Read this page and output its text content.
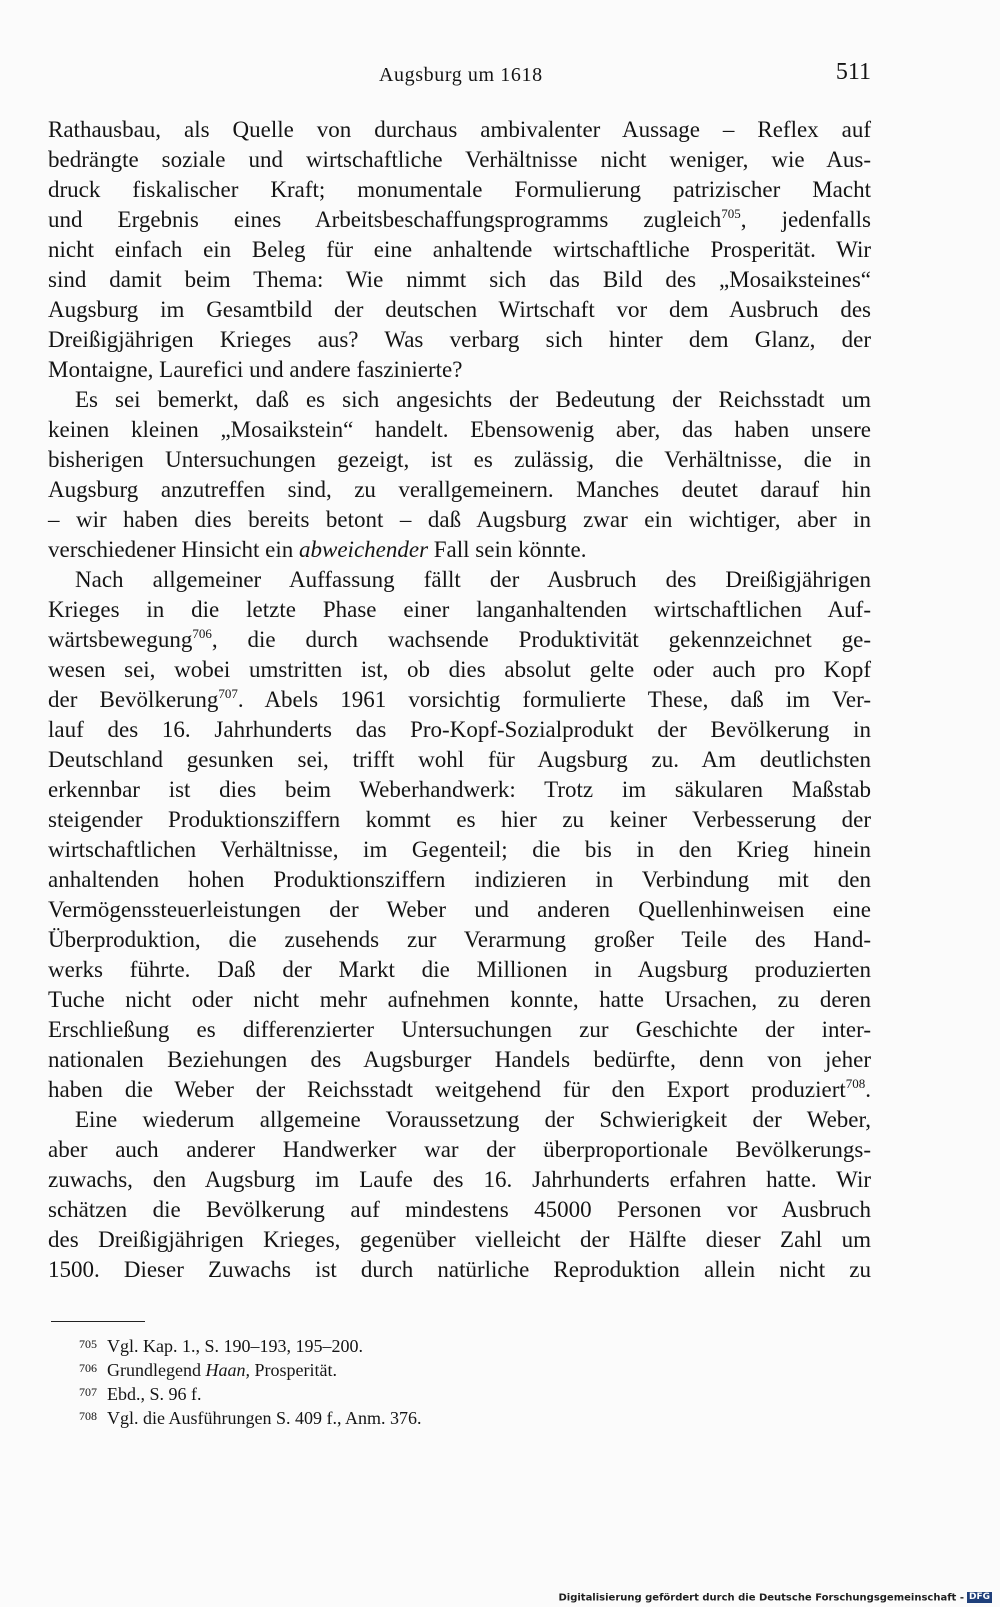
Augsburg um 1618	511
Rathausbau, als Quelle von durchaus ambivalenter Aussage – Reflex auf
bedrängte soziale und wirtschaftliche Verhältnisse nicht weniger, wie Aus-
druck fiskalischer Kraft; monumentale Formulierung patrizischer Macht
und Ergebnis eines Arbeitsbeschaffungsprogramms zugleich$^{705}$, jedenfalls
nicht einfach ein Beleg für eine anhaltende wirtschaftliche Prosperität. Wir
sind damit beim Thema: Wie nimmt sich das Bild des „Mosaiksteines“
Augsburg im Gesamtbild der deutschen Wirtschaft vor dem Ausbruch des
Dreißigjährigen Krieges aus? Was verbarg sich hinter dem Glanz, der
Montaigne, Laurefici und andere faszinierte?
Es sei bemerkt, daß es sich angesichts der Bedeutung der Reichsstadt um
keinen kleinen „Mosaikstein“ handelt. Ebensowenig aber, das haben unsere
bisherigen Untersuchungen gezeigt, ist es zulässig, die Verhältnisse, die in
Augsburg anzutreffen sind, zu verallgemeinern. Manches deutet darauf hin
– wir haben dies bereits betont – daß Augsburg zwar ein wichtiger, aber in
verschiedener Hinsicht ein abweichender Fall sein könnte.
Nach allgemeiner Auffassung fällt der Ausbruch des Dreißigjährigen
Krieges in die letzte Phase einer langanhaltenden wirtschaftlichen Auf-
wärtsbewegung$^{706}$, die durch wachsende Produktivität gekennzeichnet ge-
wesen sei, wobei umstritten ist, ob dies absolut gelte oder auch pro Kopf
der Bevölkerung$^{707}$. Abels 1961 vorsichtig formulierte These, daß im Ver-
lauf des 16. Jahrhunderts das Pro-Kopf-Sozialprodukt der Bevölkerung in
Deutschland gesunken sei, trifft wohl für Augsburg zu. Am deutlichsten
erkennbar ist dies beim Weberhandwerk: Trotz im säkularen Maßstab
steigender Produktionsziffern kommt es hier zu keiner Verbesserung der
wirtschaftlichen Verhältnisse, im Gegenteil; die bis in den Krieg hinein
anhaltenden hohen Produktionsziffern indizieren in Verbindung mit den
Vermögenssteuerleistungen der Weber und anderen Quellenhinweisen eine
Überproduktion, die zusehends zur Verarmung großer Teile des Hand-
werks führte. Daß der Markt die Millionen in Augsburg produzierten
Tuche nicht oder nicht mehr aufnehmen konnte, hatte Ursachen, zu deren
Erschließung es differenzierter Untersuchungen zur Geschichte der inter-
nationalen Beziehungen des Augsburger Handels bedürfte, denn von jeher
haben die Weber der Reichsstadt weitgehend für den Export produziert$^{708}$.
Eine wiederum allgemeine Voraussetzung der Schwierigkeit der Weber,
aber auch anderer Handwerker war der überproportionale Bevölkerungs-
zuwachs, den Augsburg im Laufe des 16. Jahrhunderts erfahren hatte. Wir
schätzen die Bevölkerung auf mindestens 45000 Personen vor Ausbruch
des Dreißigjährigen Krieges, gegenüber vielleicht der Hälfte dieser Zahl um
1500. Dieser Zuwachs ist durch natürliche Reproduktion allein nicht zu
705 Vgl. Kap. 1., S. 190–193, 195–200.
706 Grundlegend Haan, Prosperität.
707 Ebd., S. 96 f.
708 Vgl. die Ausführungen S. 409 f., Anm. 376.
Digitalisierung gefördert durch die Deutsche Forschungsgemeinschaft - DFG
